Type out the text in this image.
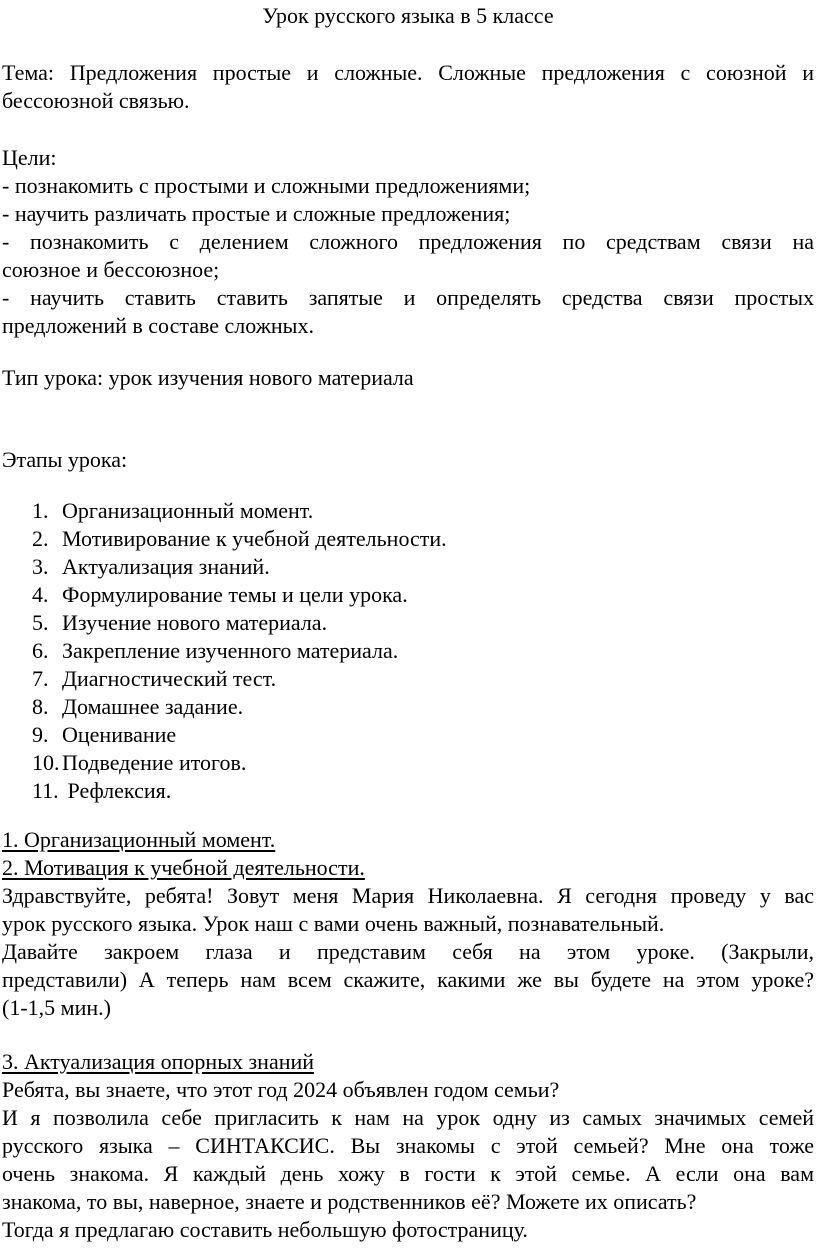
Урок русского языка в 5 классе
Тема: Предложения простые и сложные. Сложные предложения с союзной и
бессоюзной связью.
Цели:
- познакомить с простыми и сложными предложениями;
- научить различать простые и сложные предложения;
- познакомить с делением сложного предложения по средствам связи на
союзное и бессоюзное;
- научить ставить ставить запятые и определять средства связи простых
предложений в составе сложных.
Тип урока: урок изучения нового материала
Этапы урока:
1. Организационный момент.
2. Мотивирование к учебной деятельности.
3. Актуализация знаний.
4. Формулирование темы и цели урока.
5. Изучение нового материала.
6. Закрепление изученного материала.
7. Диагностический тест.
8. Домашнее задание.
9. Оценивание
10. Подведение итогов.
11. Рефлексия.
1. Организационный момент.
2. Мотивация к учебной деятельности.
Здравствуйте, ребята! Зовут меня Мария Николаевна. Я сегодня проведу у вас
урок русского языка. Урок наш с вами очень важный, познавательный.
Давайте закроем глаза и представим себя на этом уроке. (Закрыли,
представили) А теперь нам всем скажите, какими же вы будете на этом уроке?
(1-1,5 мин.)
3. Актуализация опорных знаний
Ребята, вы знаете, что этот год 2024 объявлен годом семьи?
И я позволила себе пригласить к нам на урок одну из самых значимых семей
русского языка – СИНТАКСИС. Вы знакомы с этой семьей? Мне она тоже
очень знакома. Я каждый день хожу в гости к этой семье. А если она вам
знакома, то вы, наверное, знаете и родственников её? Можете их описать?
Тогда я предлагаю составить небольшую фотостраницу.
